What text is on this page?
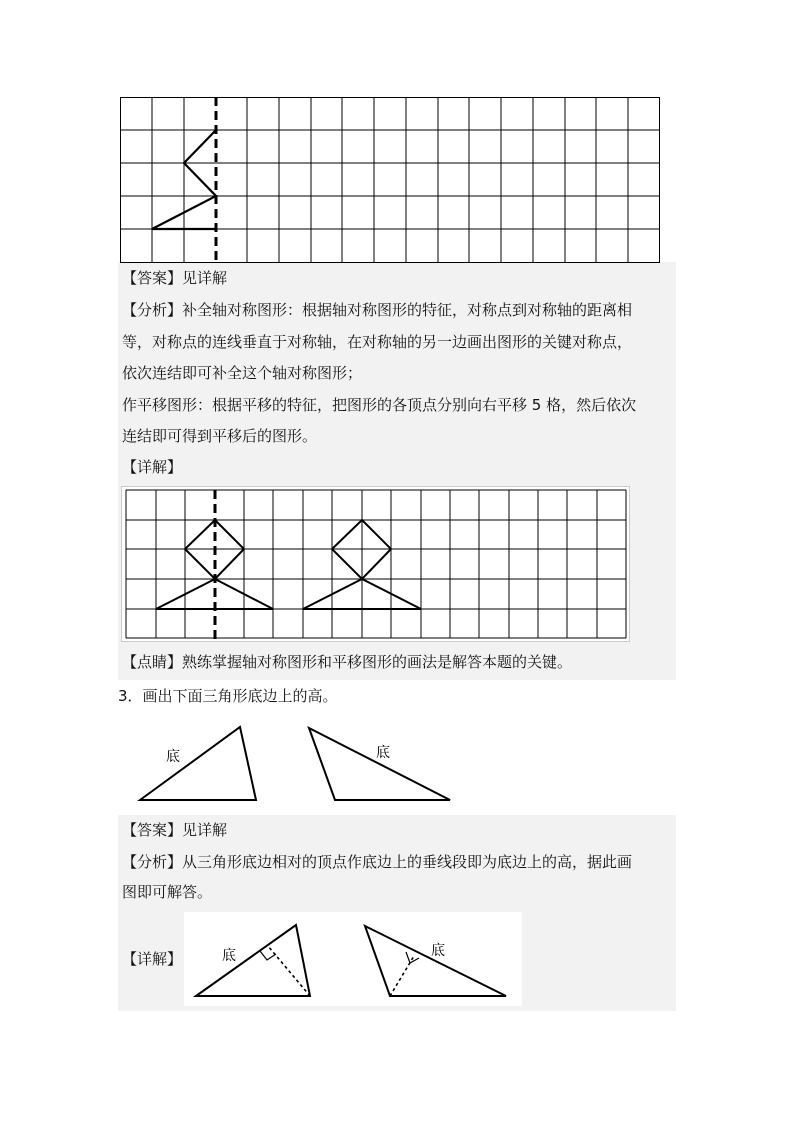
【答案】见详解
【分析】补全轴对称图形：根据轴对称图形的特征，对称点到对称轴的距离相
等，对称点的连线垂直于对称轴，在对称轴的另一边画出图形的关键对称点，
依次连结即可补全这个轴对称图形；
作平移图形：根据平移的特征，把图形的各顶点分别向右平移 5 格，然后依次
连结即可得到平移后的图形。
【详解】
【点睛】熟练掌握轴对称图形和平移图形的画法是解答本题的关键。
3．画出下面三角形底边上的高。
底	底
【答案】见详解
【分析】从三角形底边相对的顶点作底边上的垂线段即为底边上的高，据此画
图即可解答。
【详解】	底	底
